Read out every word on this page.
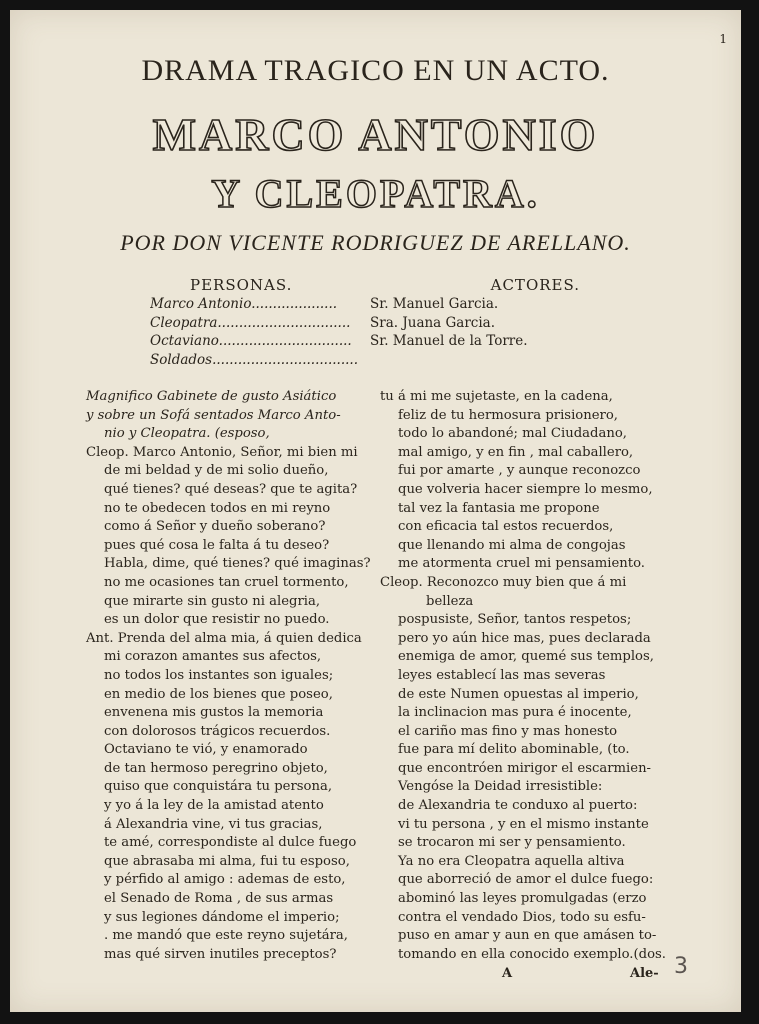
1
DRAMA TRAGICO EN UN ACTO.
MARCO ANTONIO
Y CLEOPATRA.
POR DON VICENTE RODRIGUEZ DE ARELLANO.
PERSONAS.	ACTORES.
Marco Antonio....................	Sr. Manuel Garcia.
Cleopatra...............................	Sra. Juana Garcia.
Octaviano...............................	Sr. Manuel de la Torre.
Soldados..................................
Magnifico Gabinete de gusto Asiático
y sobre un Sofá sentados Marco Anto-
nio y Cleopatra. (esposo,
Cleop. Marco Antonio, Señor, mi bien mi
de mi beldad y de mi solio dueño,
qué tienes? qué deseas? que te agita?
no te obedecen todos en mi reyno
como á Señor y dueño soberano?
pues qué cosa le falta á tu deseo?
Habla, dime, qué tienes? qué imaginas?
no me ocasiones tan cruel tormento,
que mirarte sin gusto ni alegria,
es un dolor que resistir no puedo.
Ant. Prenda del alma mia, á quien dedica
mi corazon amantes sus afectos,
no todos los instantes son iguales;
en medio de los bienes que poseo,
envenena mis gustos la memoria
con dolorosos trágicos recuerdos.
Octaviano te vió, y enamorado
de tan hermoso peregrino objeto,
quiso que conquistára tu persona,
y yo á la ley de la amistad atento
á Alexandria vine, vi tus gracias,
te amé, correspondiste al dulce fuego
que abrasaba mi alma, fui tu esposo,
y pérfido al amigo : ademas de esto,
el Senado de Roma , de sus armas
y sus legiones dándome el imperio;
. me mandó que este reyno sujetára,
mas qué sirven inutiles preceptos?
tu á mi me sujetaste, en la cadena,
feliz de tu hermosura prisionero,
todo lo abandoné; mal Ciudadano,
mal amigo, y en fin , mal caballero,
fui por amarte , y aunque reconozco
que volveria hacer siempre lo mesmo,
tal vez la fantasia me propone
con eficacia tal estos recuerdos,
que llenando mi alma de congojas
me atormenta cruel mi pensamiento.
Cleop. Reconozco muy bien que á mi
belleza
pospusiste, Señor, tantos respetos;
pero yo aún hice mas, pues declarada
enemiga de amor, quemé sus templos,
leyes establecí las mas severas
de este Numen opuestas al imperio,
la inclinacion mas pura é inocente,
el cariño mas fino y mas honesto
fue para mí delito abominable, (to.
que encontróen mirigor el escarmien-
Vengóse la Deidad irresistible:
de Alexandria te conduxo al puerto:
vi tu persona , y en el mismo instante
se trocaron mi ser y pensamiento.
Ya no era Cleopatra aquella altiva
que aborreció de amor el dulce fuego:
abominó las leyes promulgadas (erzo
contra el vendado Dios, todo su esfu-
puso en amar y aun en que amásen to-
tomando en ella conocido exemplo.(dos.
A	Ale- 3
